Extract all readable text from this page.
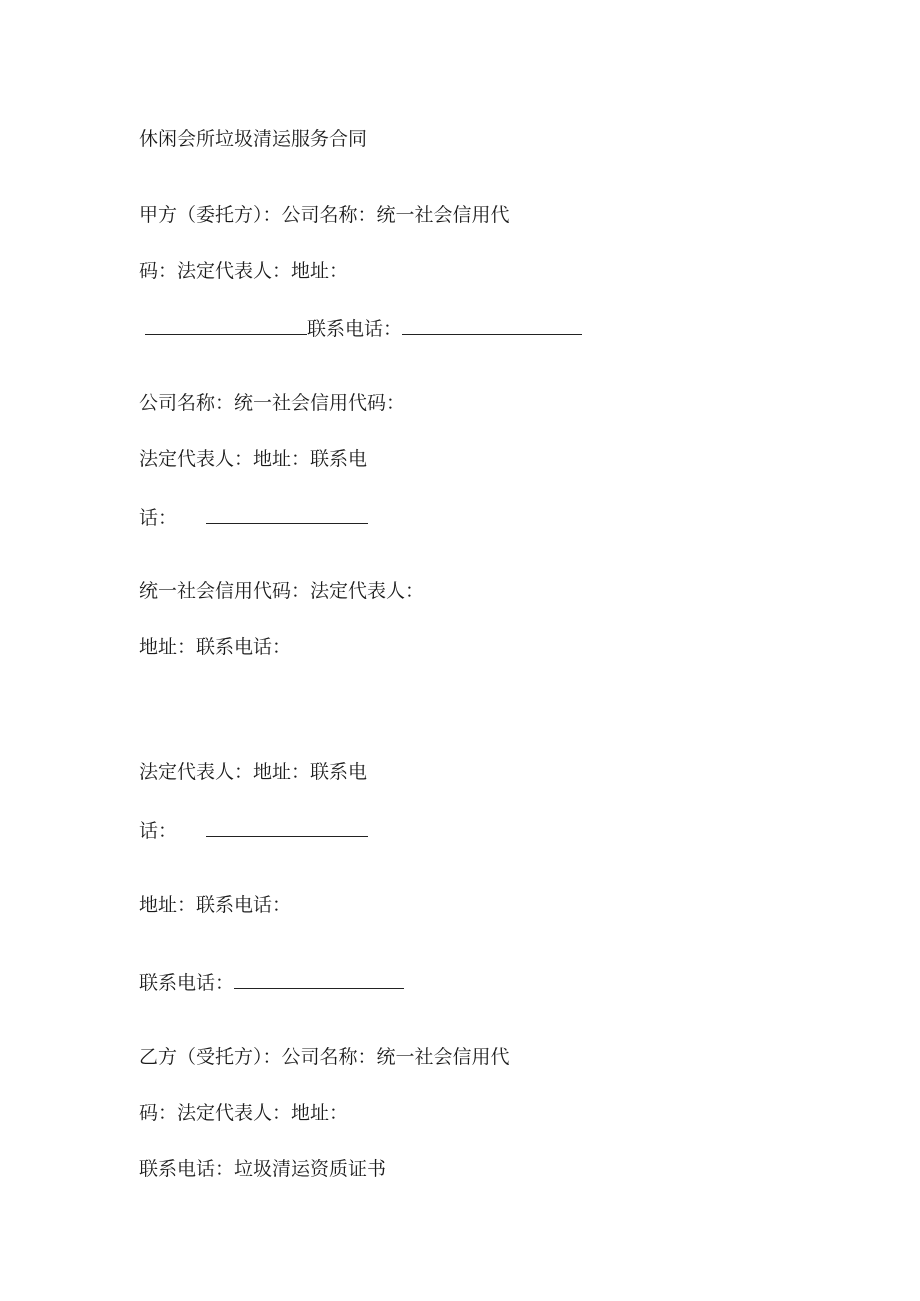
休闲会所垃圾清运服务合同
甲方（委托方）：公司名称：统一社会信用代
码：法定代表人：地址：
联系电话：
公司名称：统一社会信用代码：
法定代表人：地址：联系电
话：
统一社会信用代码：法定代表人：
地址：联系电话：
法定代表人：地址：联系电
话：
地址：联系电话：
联系电话：
乙方（受托方）：公司名称：统一社会信用代
码：法定代表人：地址：
联系电话：垃圾清运资质证书
